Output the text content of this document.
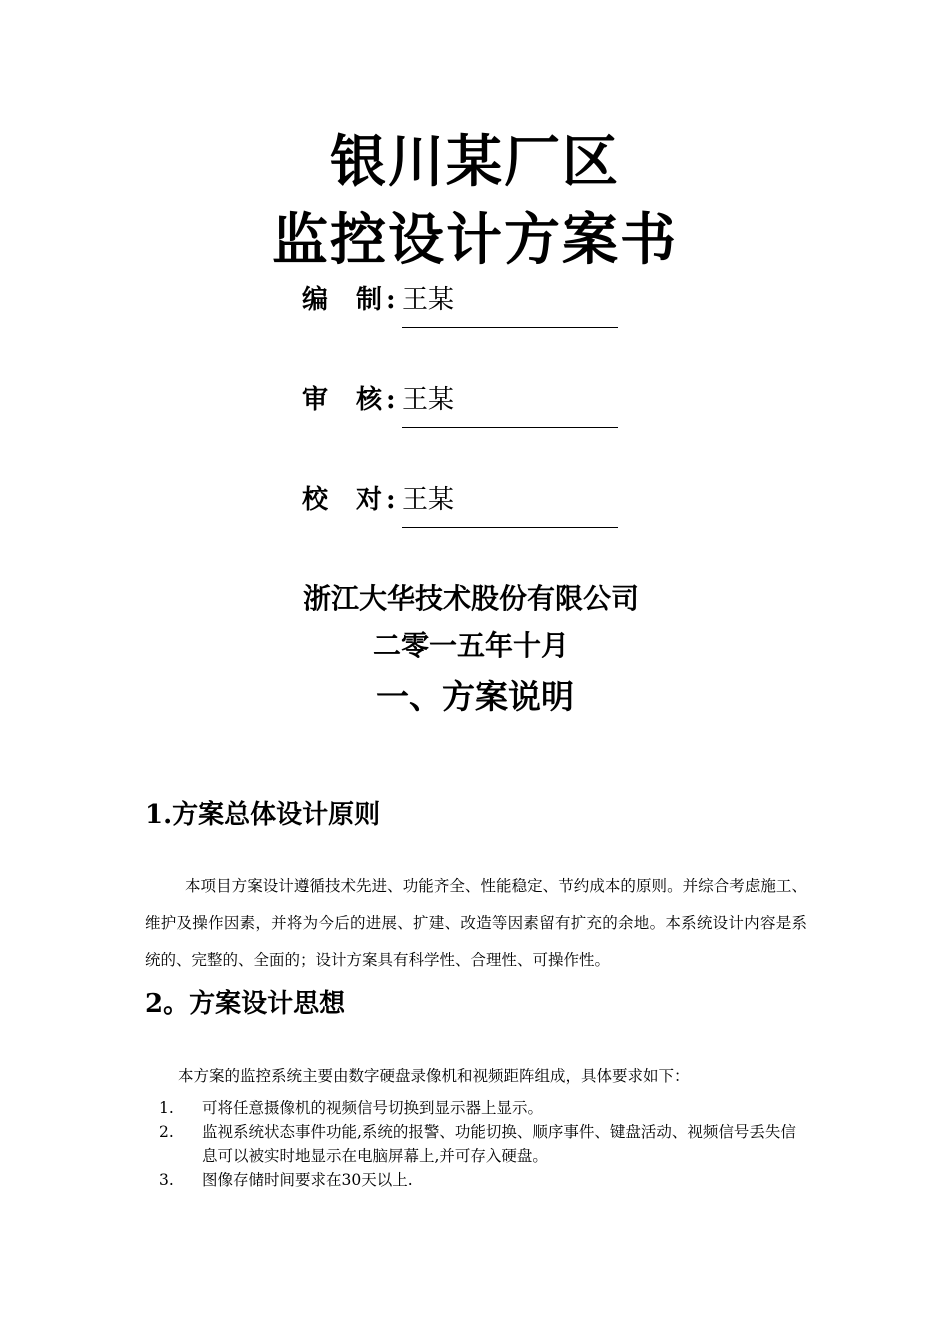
银川某厂区
监控设计方案书
编 制 : 王某
审 核 : 王某
校 对 : 王某
浙江大华技术股份有限公司
二零一五年十月
一、方案说明
1.方案总体设计原则
本项目方案设计遵循技术先进、功能齐全、性能稳定、节约成本的原则。并综合考虑施工、维护及操作因素，并将为今后的进展、扩建、改造等因素留有扩充的余地。本系统设计内容是系统的、完整的、全面的；设计方案具有科学性、合理性、可操作性。
2。方案设计思想
本方案的监控系统主要由数字硬盘录像机和视频距阵组成，具体要求如下：
1. 可将任意摄像机的视频信号切换到显示器上显示。
2. 监视系统状态事件功能,系统的报警、功能切换、顺序事件、键盘活动、视频信号丢失信息可以被实时地显示在电脑屏幕上,并可存入硬盘。
3. 图像存储时间要求在30天以上.
